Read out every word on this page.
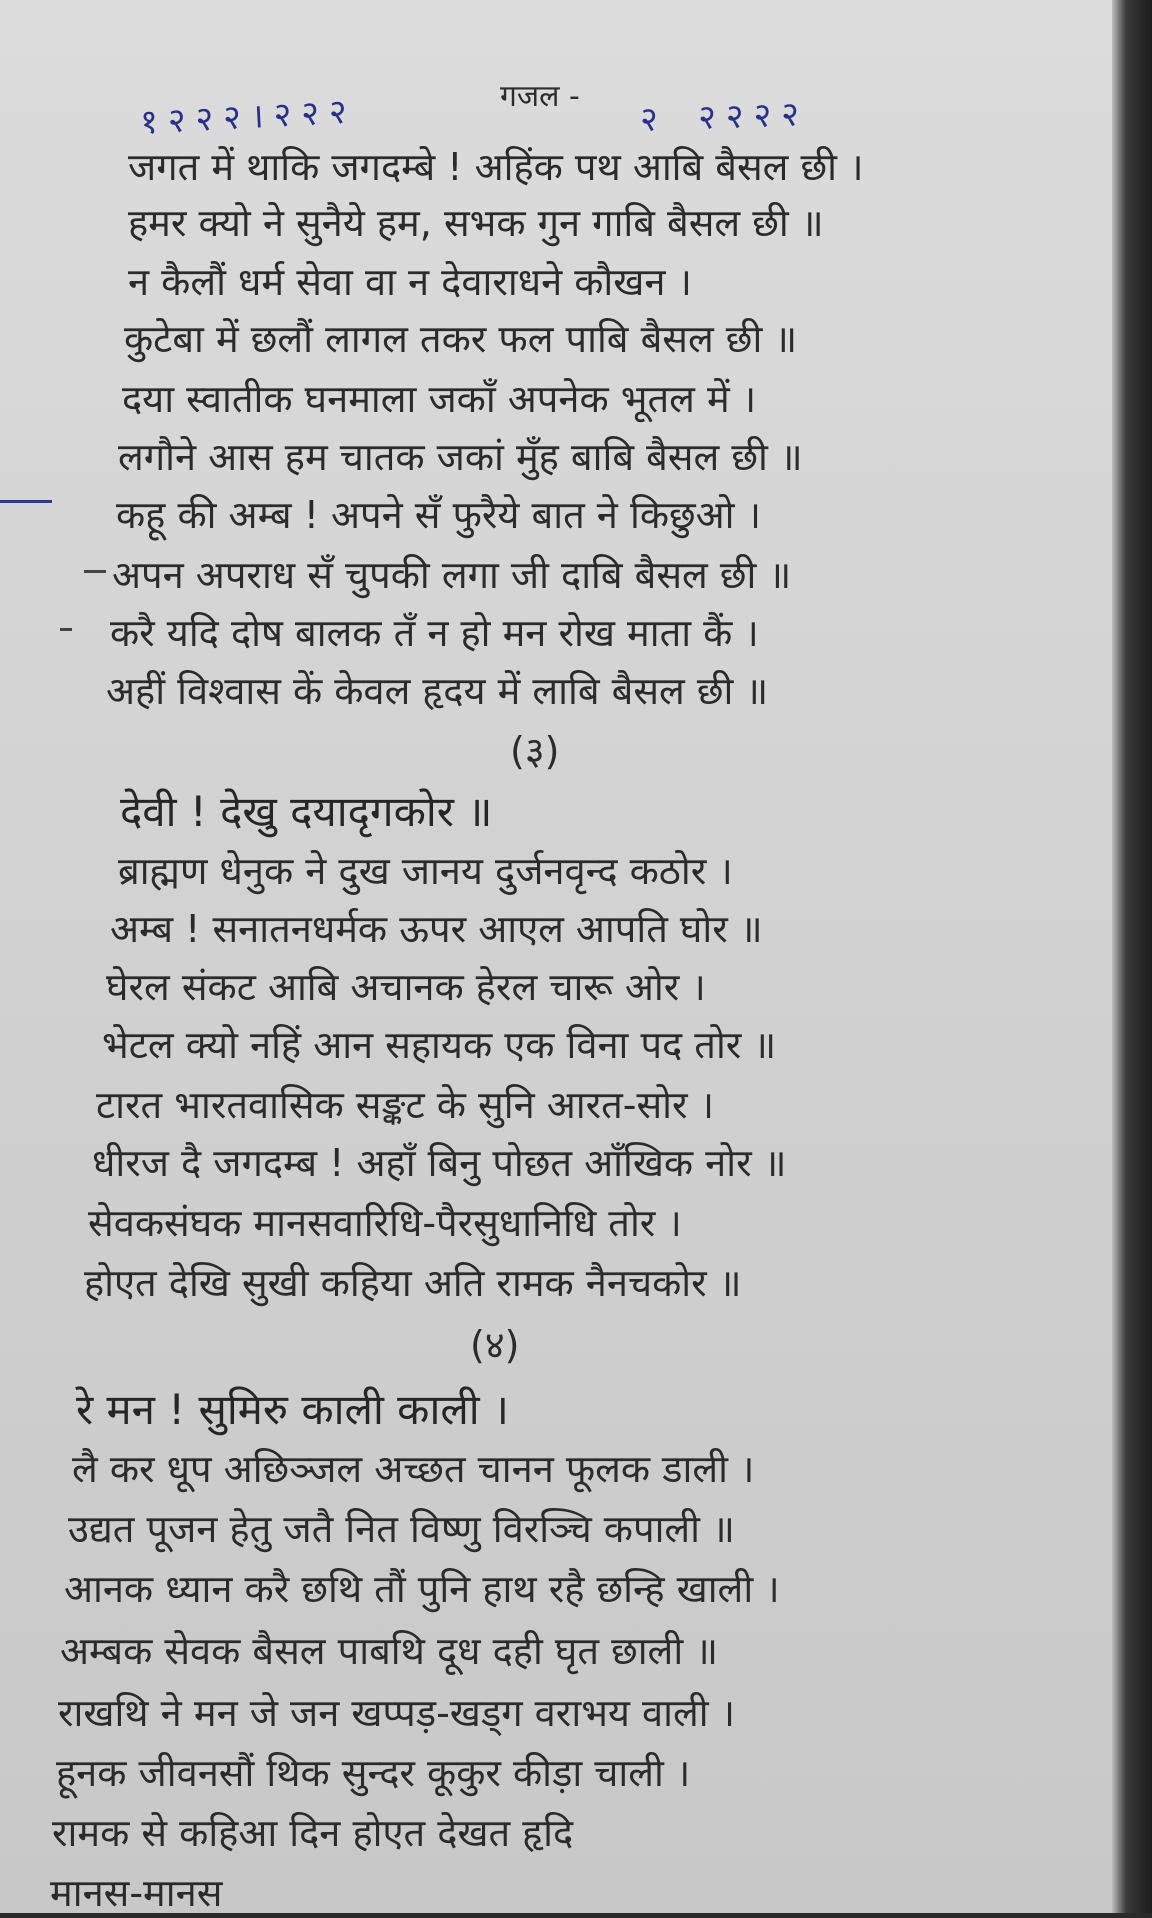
१२२२।२२२	गजल - २ २२२२
जगत में थाकि जगदम्बे ! अहिंक पथ आबि बैसल छी ।
हमर क्यो ने सुनैये हम, सभक गुन गाबि बैसल छी ॥
न कैलौं धर्म सेवा वा न देवाराधने कौखन ।
कुटेबा में छलौं लागल तकर फल पाबि बैसल छी ॥
दया स्वातीक घनमाला जकाँ अपनेक भूतल में ।
लगौने आस हम चातक जकां मुँह बाबि बैसल छी ॥
कहू की अम्ब ! अपने सँ फुरैये बात ने किछुओ ।
अपन अपराध सँ चुपकी लगा जी दाबि बैसल छी ॥
करै यदि दोष बालक तँ न हो मन रोख माता कैं ।
अहीं विश्वास कें केवल हृदय में लाबि बैसल छी ॥
(३)
देवी ! देखु दयादृगकोर ॥
ब्राह्मण धेनुक ने दुख जानय दुर्जनवृन्द कठोर ।
अम्ब ! सनातनधर्मक ऊपर आएल आपति घोर ॥
घेरल संकट आबि अचानक हेरल चारू ओर ।
भेटल क्यो नहिं आन सहायक एक विना पद तोर ॥
टारत भारतवासिक सङ्कट के सुनि आरत-सोर ।
धीरज दै जगदम्ब ! अहाँ बिनु पोछत आँखिक नोर ॥
सेवकसंघक मानसवारिधि-पैरसुधानिधि तोर ।
होएत देखि सुखी कहिया अति रामक नैनचकोर ॥
(४)
रे मन ! सुमिरु काली काली ।
लै कर धूप अछिञ्जल अच्छत चानन फूलक डाली ।
उद्यत पूजन हेतु जतै नित विष्णु विरञ्चि कपाली ॥
आनक ध्यान करै छथि तौं पुनि हाथ रहै छन्हि खाली ।
अम्बक सेवक बैसल पाबथि दूध दही घृत छाली ॥
राखथि ने मन जे जन खप्पड़-खड्ग वराभय वाली ।
हूनक जीवनसौं थिक सुन्दर कूकुर कीड़ा चाली ।
रामक से कहिआ दिन होएत देखत हृदि
मानस-मानस
